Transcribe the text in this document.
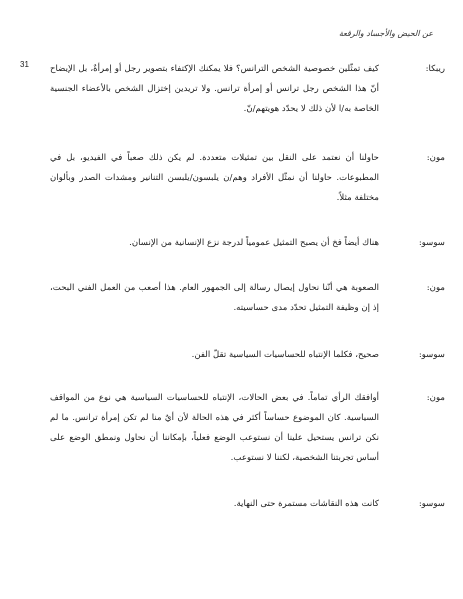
عن الحيض والأجساد والرقعة
31	ريبكا:
كيف تمثّلين خصوصية الشخص الترانس؟ فلا يمكنك الإكتفاء بتصوير رجل أو إمرأةٌ، بل الإيضاح أنّ هذا الشخص رجل ترانس أو إمرأة ترانس. ولا تريدين إختزال الشخص بالأعضاء الجنسية الخاصة به/ا لأن ذلك لا يحدّد هويتهم/نّ.
مون:
حاولنا أن نعتمد على النقل بين تمثيلات متعددة. لم يكن ذلك صعباً في الفيديو، بل في المطبوعات. حاولنا أن نمثّل الأفراد وهم/ن يلبسون/يلبسن التنانير ومشدات الصدر وبألوان مختلفة مثلاً.
سوسو:
هناك أيضاً فخ أن يصبح التمثيل عمومياً لدرجة نزع الإنسانية من الإنسان.
مون:
الصعوبة هي أنّنا نحاول إيصال رسالة إلى الجمهور العام. هذا أصعب من العمل الفني البحت، إذ إن وظيفة التمثيل تحدّد مدى حساسيته.
سوسو:
صحيح، فكلما الإنتباه للحساسيات السياسية تقلّ الفن.
مون:
أوافقك الرأي تماماً. في بعض الحالات، الإنتباه للحساسيات السياسية هي نوع من المواقف السياسية. كان الموضوع حساساً أكثر في هذه الحالة لأن أيٌ منا لم تكن إمرأة ترانس. ما لم نكن ترانس يستحيل علينا أن نستوعب الوضع فعلياً، بإمكاننا أن نحاول ونمطق الوضع على أساس تجربتنا الشخصية، لكننا لا نستوعب.
سوسو:
كانت هذه النقاشات مستمرة حتى النهاية.
